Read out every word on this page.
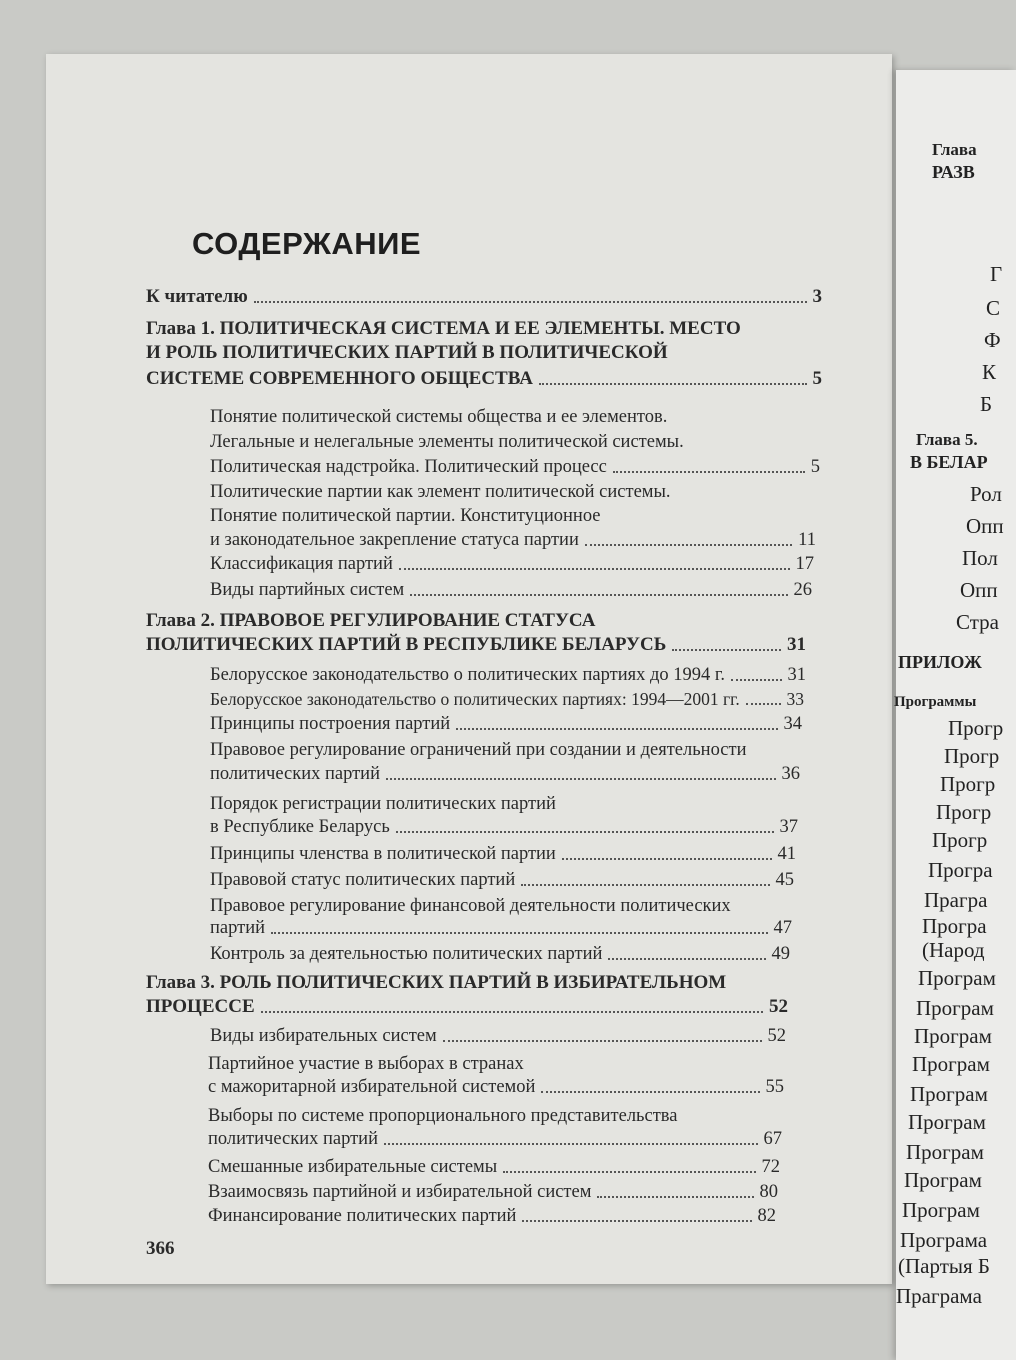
СОДЕРЖАНИЕ
К читателю	3
Глава 1. ПОЛИТИЧЕСКАЯ СИСТЕМА И ЕЕ ЭЛЕМЕНТЫ. МЕСТО
И РОЛЬ ПОЛИТИЧЕСКИХ ПАРТИЙ В ПОЛИТИЧЕСКОЙ
СИСТЕМЕ СОВРЕМЕННОГО ОБЩЕСТВА	5
Понятие политической системы общества и ее элементов.
Легальные и нелегальные элементы политической системы.
Политическая надстройка. Политический процесс	5
Политические партии как элемент политической системы.
Понятие политической партии. Конституционное
и законодательное закрепление статуса партии	11
Классификация партий	17
Виды партийных систем	26
Глава 2. ПРАВОВОЕ РЕГУЛИРОВАНИЕ СТАТУСА
ПОЛИТИЧЕСКИХ ПАРТИЙ В РЕСПУБЛИКЕ БЕЛАРУСЬ	31
Белорусское законодательство о политических партиях до 1994 г.	31
Белорусское законодательство о политических партиях: 1994—2001 гг.	33
Принципы построения партий	34
Правовое регулирование ограничений при создании и деятельности
политических партий	36
Порядок регистрации политических партий
в Республике Беларусь	37
Принципы членства в политической партии	41
Правовой статус политических партий	45
Правовое регулирование финансовой деятельности политических
партий	47
Контроль за деятельностью политических партий	49
Глава 3. РОЛЬ ПОЛИТИЧЕСКИХ ПАРТИЙ В ИЗБИРАТЕЛЬНОМ
ПРОЦЕССЕ	52
Виды избирательных систем	52
Партийное участие в выборах в странах
с мажоритарной избирательной системой	55
Выборы по системе пропорционального представительства
политических партий	67
Смешанные избирательные системы	72
Взаимосвязь партийной и избирательной систем	80
Финансирование политических партий	82
366
Глава
РАЗВ
Г
С
Ф
К
Б
Глава 5.
В БЕЛАР
Рол
Опп
Пол
Опп
Стра
ПРИЛОЖ
Программы
Прогр
Прогр
Прогр
Прогр
Прогр
Програ
Прагра
Програ
(Народ
Програм
Програм
Програм
Програм
Програм
Програм
Програм
Програм
Програм
Програма
(Партыя Б
Праграма
